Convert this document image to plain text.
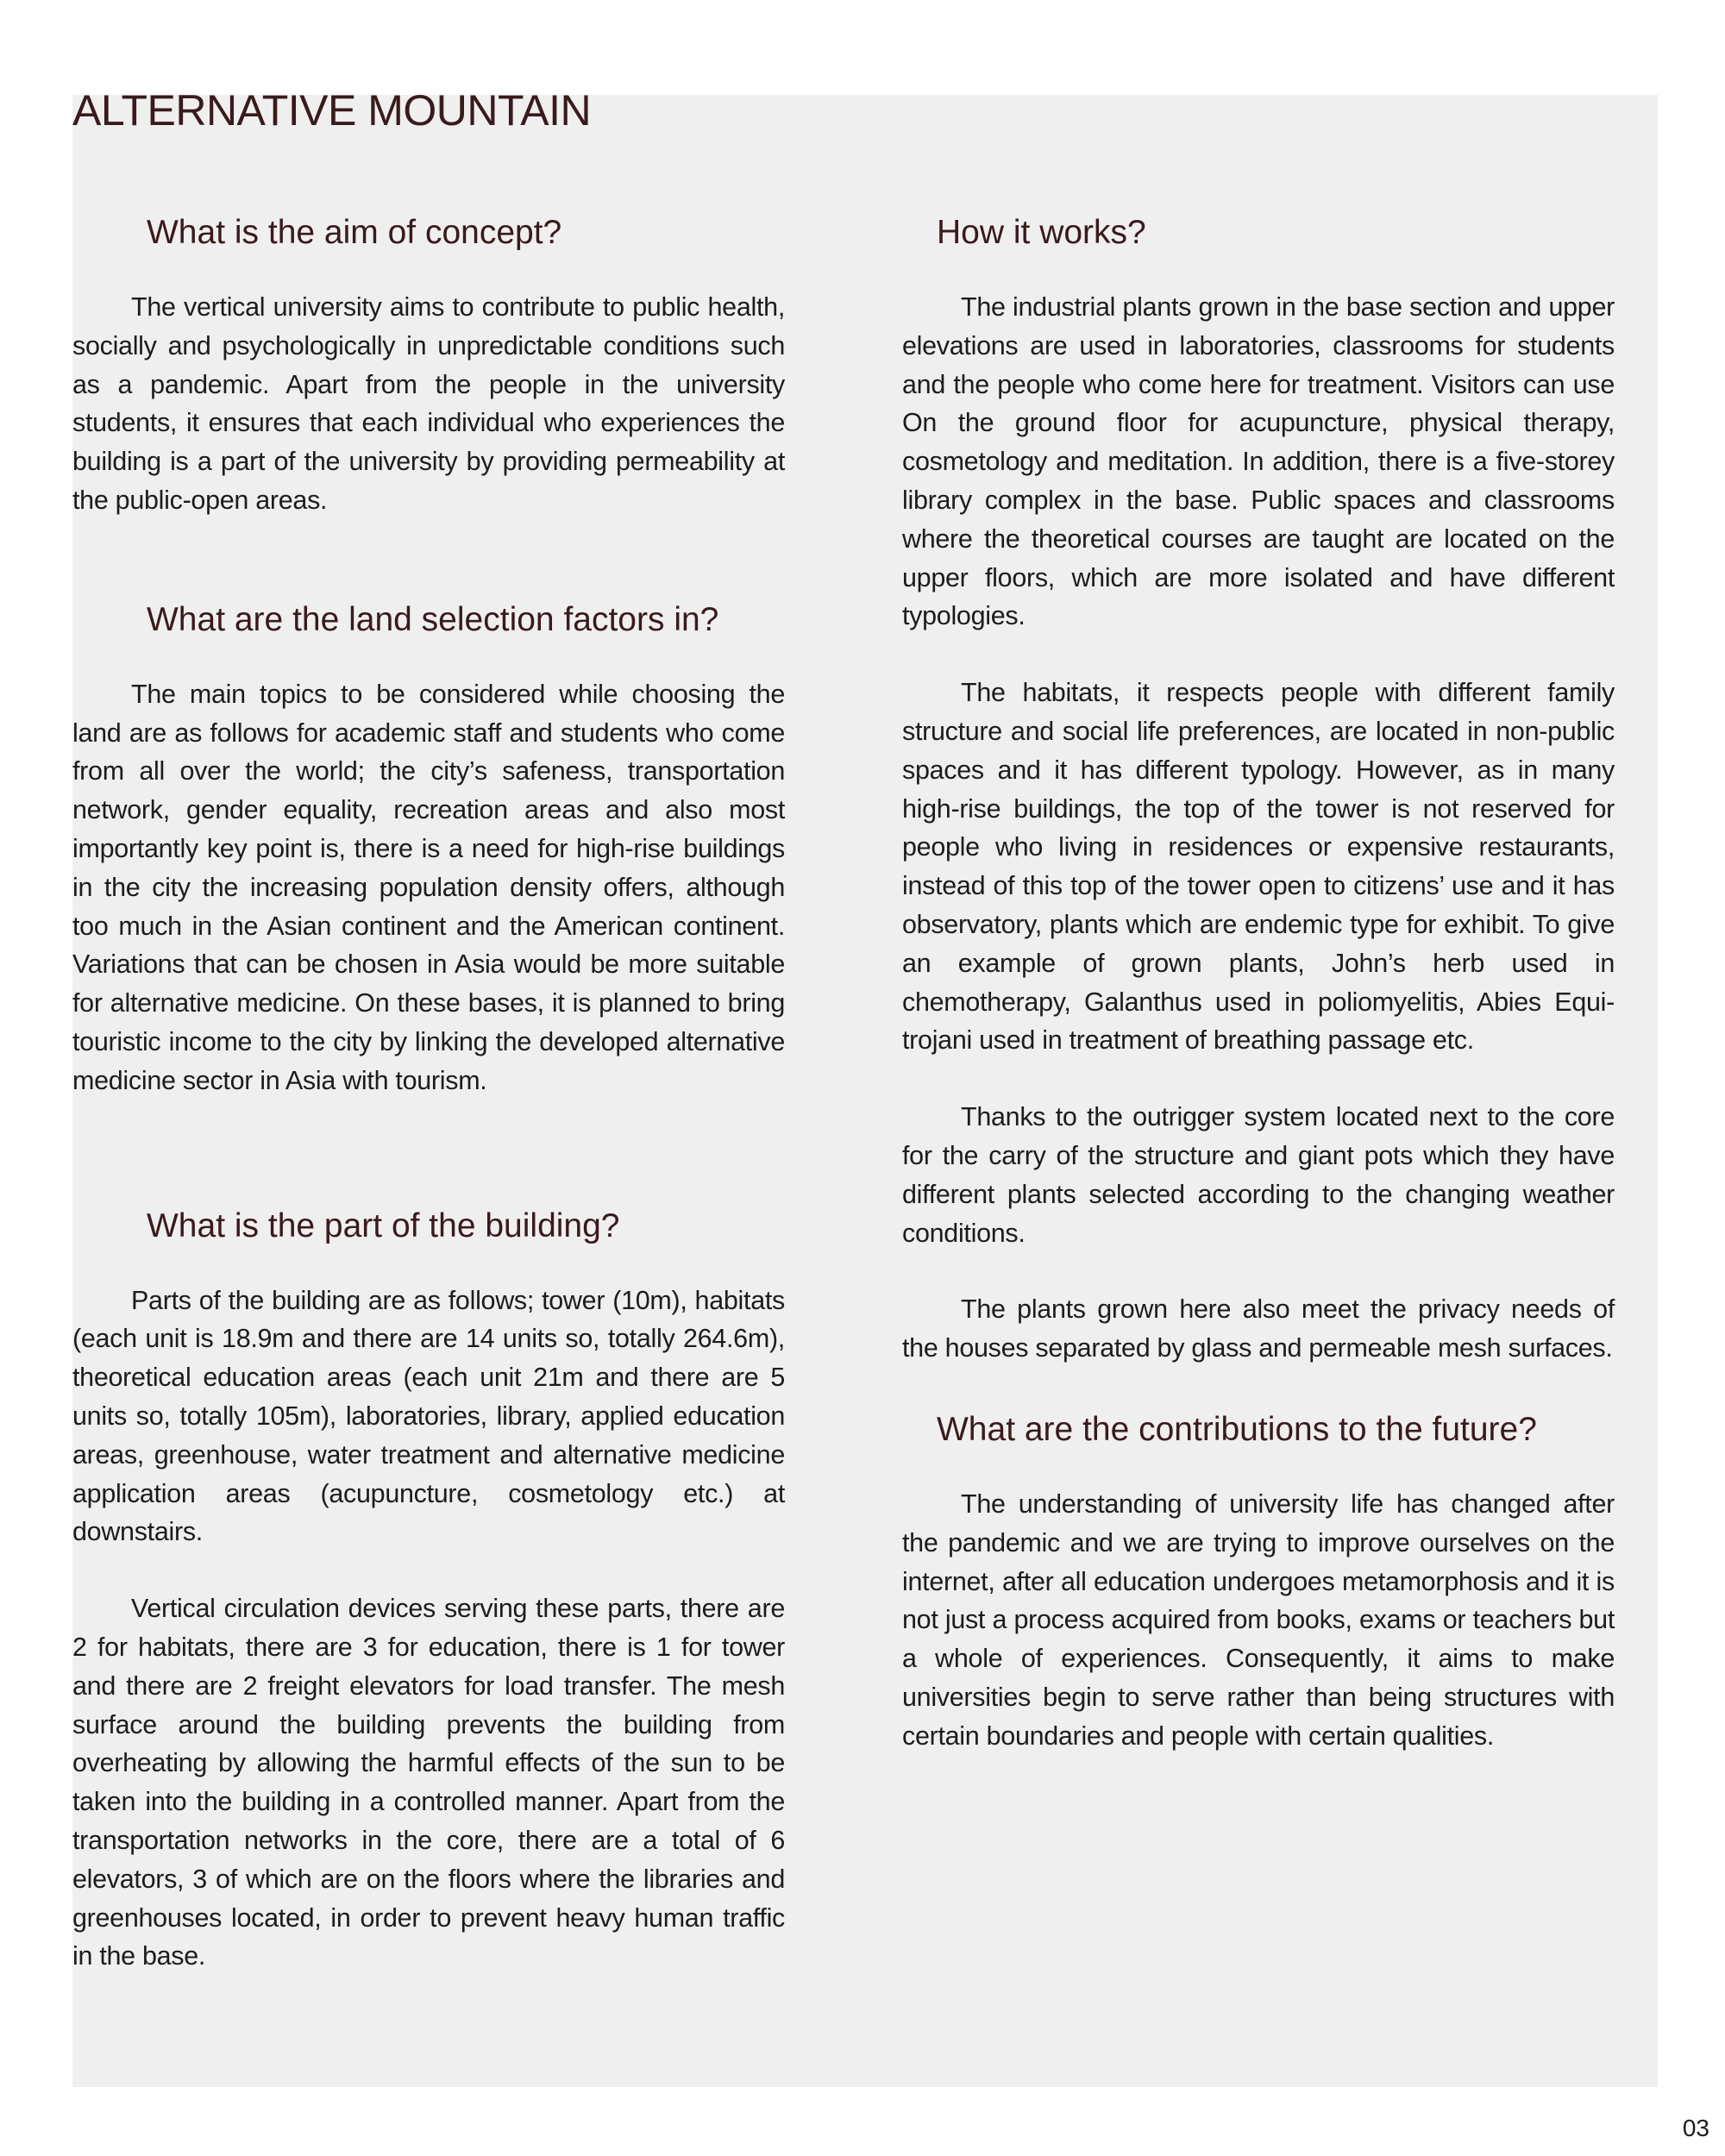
ALTERNATIVE MOUNTAIN
What is the aim of concept?

The vertical university aims to contribute to public health, socially and psychologically in unpredictable conditions such as a pandemic. Apart from the people in the university students, it ensures that each individual who experiences the building is a part of the university by providing permeability at the public-open areas.

What are the land selection factors in?

The main topics to be considered while choosing the land are as follows for academic staff and students who come from all over the world; the city’s safeness, transportation network, gender equality, recreation areas and also most importantly key point is, there is a need for high-rise buildings in the city the increasing population density offers, although too much in the Asian continent and the American continent. Variations that can be chosen in Asia would be more suitable for alternative medicine. On these bases, it is planned to bring touristic income to the city by linking the developed alternative medicine sector in Asia with tourism.

What is the part of the building?

Parts of the building are as follows; tower (10m), habitats (each unit is 18.9m and there are 14 units so, totally 264.6m), theoretical education areas (each unit 21m and there are 5 units so, totally 105m), laboratories, library, applied education areas, greenhouse, water treatment and alternative medicine application areas (acupuncture, cosmetology etc.) at downstairs.

Vertical circulation devices serving these parts, there are 2 for habitats, there are 3 for education, there is 1 for tower and there are 2 freight elevators for load transfer. The mesh surface around the building prevents the building from overheating by allowing the harmful effects of the sun to be taken into the building in a controlled manner. Apart from the transportation networks in the core, there are a total of 6 elevators, 3 of which are on the floors where the libraries and greenhouses located, in order to prevent heavy human traffic in the base.

How it works?

The industrial plants grown in the base section and upper elevations are used in laboratories, classrooms for students and the people who come here for treatment. Visitors can use On the ground floor for acupuncture, physical therapy, cosmetology and meditation. In addition, there is a five-storey library complex in the base. Public spaces and classrooms where the theoretical courses are taught are located on the upper floors, which are more isolated and have different typologies.

The habitats, it respects people with different family structure and social life preferences, are located in non-public spaces and it has different typology. However, as in many high-rise buildings, the top of the tower is not reserved for people who living in residences or expensive restaurants, instead of this top of the tower open to citizens’ use and it has observatory, plants which are endemic type for exhibit. To give an example of grown plants, John’s herb used in chemotherapy, Galanthus used in poliomyelitis, Abies Equi-trojani used in treatment of breathing passage etc.

Thanks to the outrigger system located next to the core for the carry of the structure and giant pots which they have different plants selected according to the changing weather conditions.

The plants grown here also meet the privacy needs of the houses separated by glass and permeable mesh surfaces.

What are the contributions to the future?

The understanding of university life has changed after the pandemic and we are trying to improve ourselves on the internet, after all education undergoes metamorphosis and it is not just a process acquired from books, exams or teachers but a whole of experiences. Consequently, it aims to make universities begin to serve rather than being structures with certain boundaries and people with certain qualities.

03
